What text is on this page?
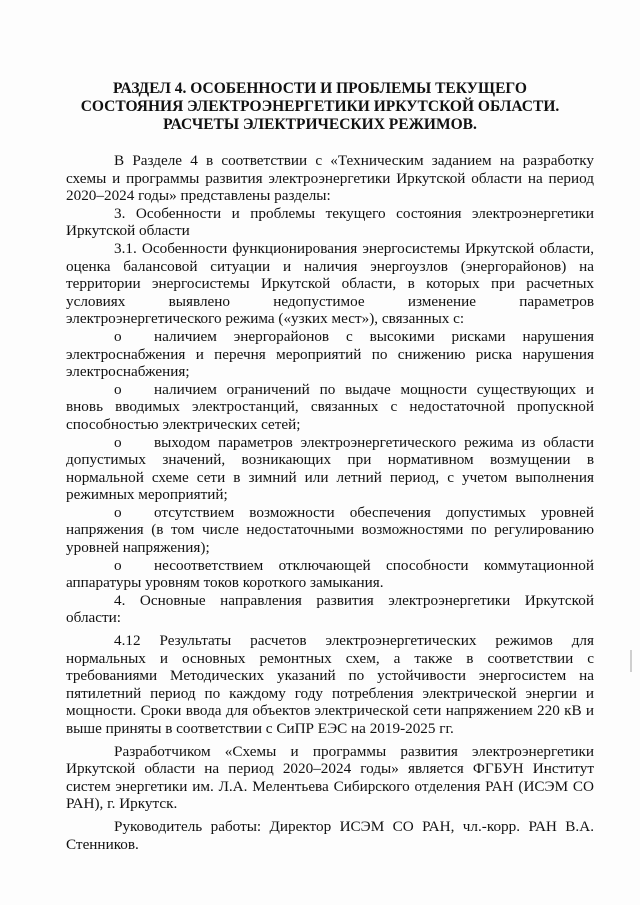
РАЗДЕЛ 4. ОСОБЕННОСТИ И ПРОБЛЕМЫ ТЕКУЩЕГО
СОСТОЯНИЯ ЭЛЕКТРОЭНЕРГЕТИКИ ИРКУТСКОЙ ОБЛАСТИ.
РАСЧЕТЫ ЭЛЕКТРИЧЕСКИХ РЕЖИМОВ.

В Разделе 4 в соответствии с «Техническим заданием на разработку схемы и программы развития электроэнергетики Иркутской области на период 2020–2024 годы» представлены разделы:

3. Особенности и проблемы текущего состояния электроэнергетики Иркутской области

3.1. Особенности функционирования энергосистемы Иркутской области, оценка балансовой ситуации и наличия энергоузлов (энергорайонов) на территории энергосистемы Иркутской области, в которых при расчетных условиях выявлено недопустимое изменение параметров электроэнергетического режима («узких мест»), связанных с:

o наличием энергорайонов с высокими рисками нарушения электроснабжения и перечня мероприятий по снижению риска нарушения электроснабжения;

o наличием ограничений по выдаче мощности существующих и вновь вводимых электростанций, связанных с недостаточной пропускной способностью электрических сетей;

o выходом параметров электроэнергетического режима из области допустимых значений, возникающих при нормативном возмущении в нормальной схеме сети в зимний или летний период, с учетом выполнения режимных мероприятий;

o отсутствием возможности обеспечения допустимых уровней напряжения (в том числе недостаточными возможностями по регулированию уровней напряжения);

o несоответствием отключающей способности коммутационной аппаратуры уровням токов короткого замыкания.

4. Основные направления развития электроэнергетики Иркутской области:

4.12 Результаты расчетов электроэнергетических режимов для нормальных и основных ремонтных схем, а также в соответствии с требованиями Методических указаний по устойчивости энергосистем на пятилетний период по каждому году потребления электрической энергии и мощности. Сроки ввода для объектов электрической сети напряжением 220 кВ и выше приняты в соответствии с СиПР ЕЭС на 2019-2025 гг.

Разработчиком «Схемы и программы развития электроэнергетики Иркутской области на период 2020–2024 годы» является ФГБУН Институт систем энергетики им. Л.А. Мелентьева Сибирского отделения РАН (ИСЭМ СО РАН), г. Иркутск.

Руководитель работы: Директор ИСЭМ СО РАН, чл.-корр. РАН В.А. Стенников.
